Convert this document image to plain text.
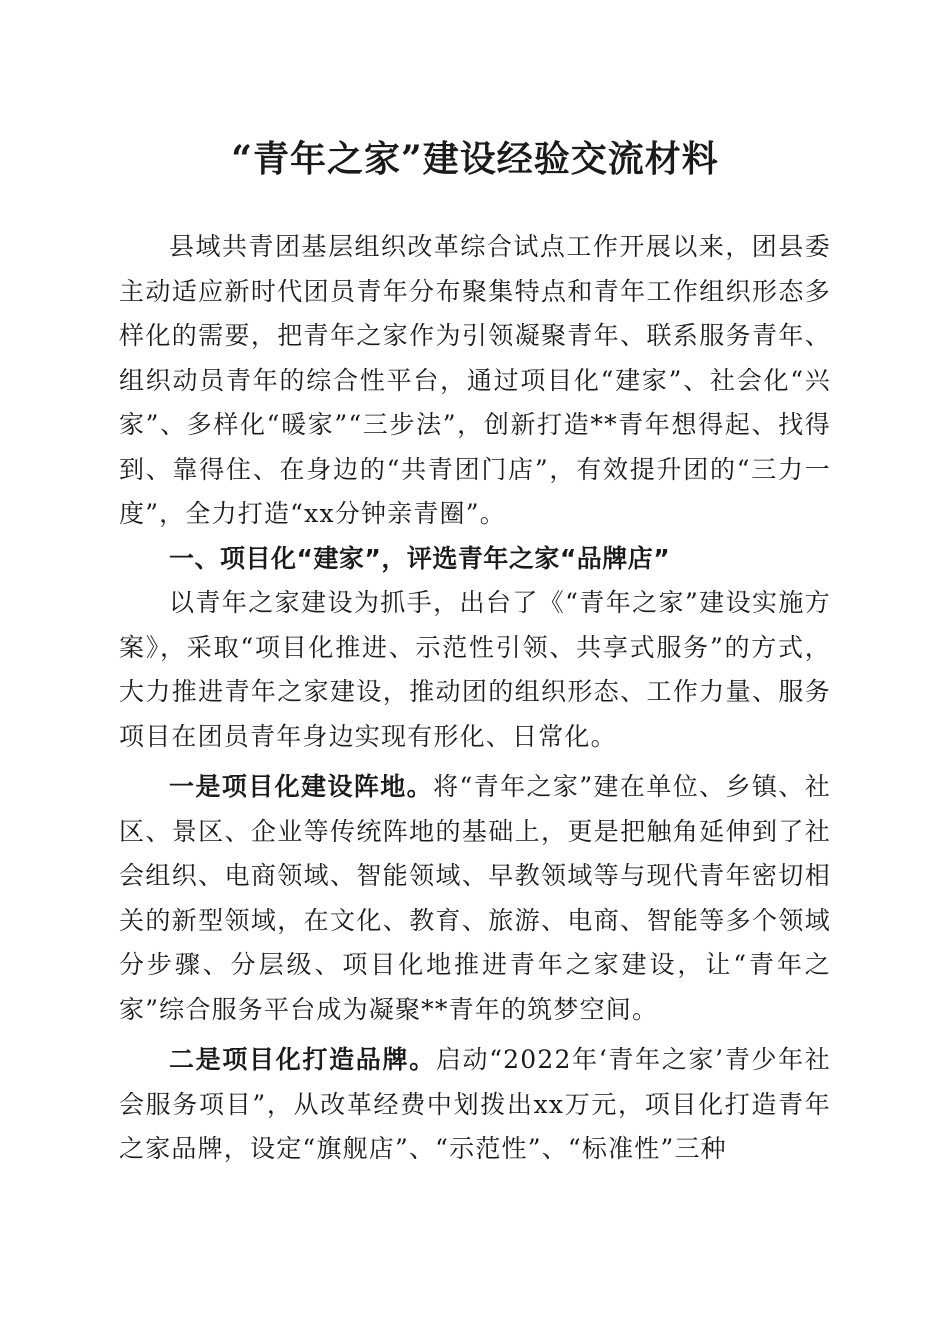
“青年之家”建设经验交流材料

县域共青团基层组织改革综合试点工作开展以来，团县委主动适应新时代团员青年分布聚集特点和青年工作组织形态多样化的需要，把青年之家作为引领凝聚青年、联系服务青年、组织动员青年的综合性平台，通过项目化“建家”、社会化“兴家”、多样化“暖家”“三步法”，创新打造**青年想得起、找得到、靠得住、在身边的“共青团门店”，有效提升团的“三力一度”，全力打造“xx分钟亲青圈”。

一、项目化“建家”，评选青年之家“品牌店”

以青年之家建设为抓手，出台了《“青年之家”建设实施方案》，采取“项目化推进、示范性引领、共享式服务”的方式，大力推进青年之家建设，推动团的组织形态、工作力量、服务项目在团员青年身边实现有形化、日常化。

一是项目化建设阵地。将“青年之家”建在单位、乡镇、社区、景区、企业等传统阵地的基础上，更是把触角延伸到了社会组织、电商领域、智能领域、早教领域等与现代青年密切相关的新型领域，在文化、教育、旅游、电商、智能等多个领域分步骤、分层级、项目化地推进青年之家建设，让“青年之家”综合服务平台成为凝聚**青年的筑梦空间。

二是项目化打造品牌。启动“2022年‘青年之家’青少年社会服务项目”，从改革经费中划拨出xx万元，项目化打造青年之家品牌，设定“旗舰店”、“示范性”、“标准性”三种
